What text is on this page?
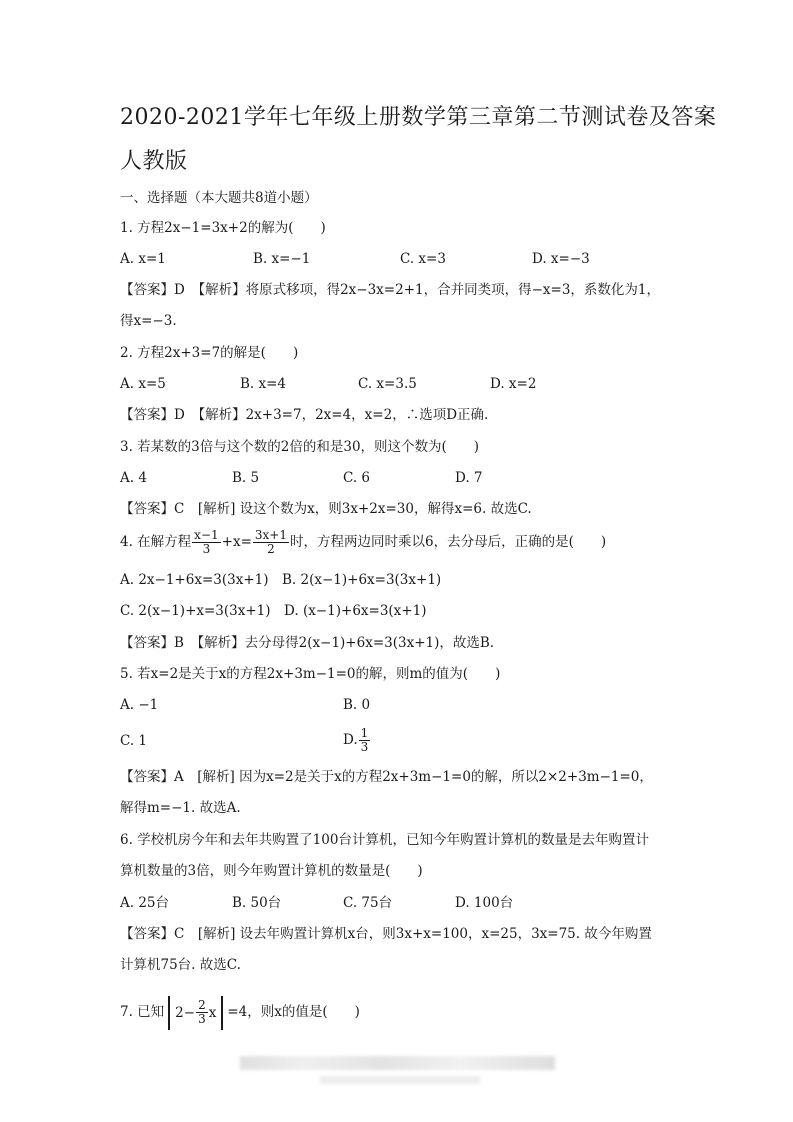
2020-2021学年七年级上册数学第三章第二节测试卷及答案
人教版
一、选择题（本大题共8道小题）
1. 方程2x−1=3x+2的解为(　　)
A. x=1	B. x=−1	C. x=3	D. x=−3
【答案】D　【解析】将原式移项，得2x−3x=2+1，合并同类项，得−x=3，系数化为1，
得x=−3.
2. 方程2x+3=7的解是(　　)
A. x=5	B. x=4	C. x=3.5	D. x=2
【答案】D　【解析】2x+3=7，2x=4，x=2，∴选项D正确.
3. 若某数的3倍与这个数的2倍的和是30，则这个数为(　　)
A. 4	B. 5	C. 6	D. 7
【答案】C　[解析] 设这个数为x，则3x+2x=30，解得x=6. 故选C.
4. 在解方程 $\frac{x-1}{3} +x= \frac{3x+1}{2}$ 时，方程两边同时乘以6，去分母后，正确的是(　　)
A. 2x−1+6x=3(3x+1)　B. 2(x−1)+6x=3(3x+1)
C. 2(x−1)+x=3(3x+1)　D. (x−1)+6x=3(x+1)
【答案】B　【解析】去分母得2(x−1)+6x=3(3x+1)，故选B.
5. 若x=2是关于x的方程2x+3m−1=0的解，则m的值为(　　)
A. −1	B. 0
C. 1	D. $\frac{1}{3}$
【答案】A　[解析] 因为x=2是关于x的方程2x+3m−1=0的解，所以2×2+3m−1=0，
解得m=−1. 故选A.
6. 学校机房今年和去年共购置了100台计算机，已知今年购置计算机的数量是去年购置计
算机数量的3倍，则今年购置计算机的数量是(　　)
A. 25台	B. 50台	C. 75台	D. 100台
【答案】C　[解析] 设去年购置计算机x台，则3x+x=100，x=25，3x=75. 故今年购置
计算机75台. 故选C.
7. 已知 $2- \frac{2}{3}$ x =4，则x的值是(　　)
